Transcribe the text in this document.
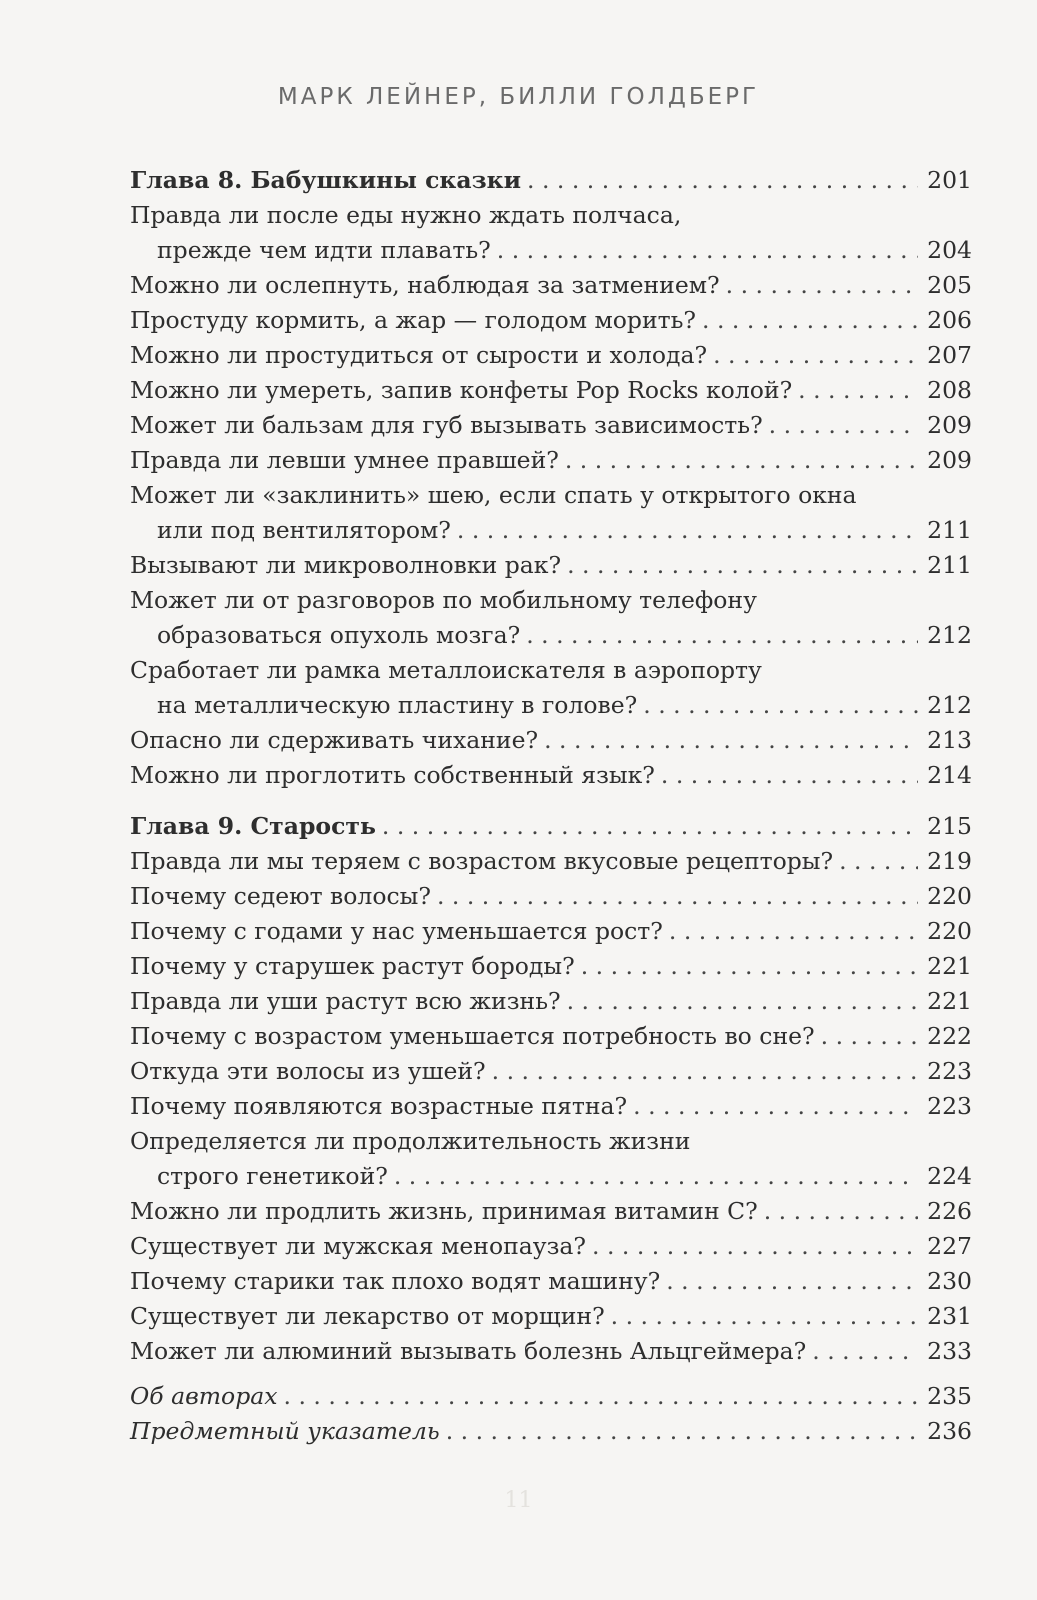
МАРК ЛЕЙНЕР, БИЛЛИ ГОЛДБЕРГ
Глава 8. Бабушкины сказки . . .	201
Правда ли после еды нужно ждать полчаса,
прежде чем идти плавать? . . .	204
Можно ли ослепнуть, наблюдая за затмением? . . .	205
Простуду кормить, а жар — голодом морить? . . .	206
Можно ли простудиться от сырости и холода? . . .	207
Можно ли умереть, запив конфеты Pop Rocks колой? . . .	208
Может ли бальзам для губ вызывать зависимость? . . .	209
Правда ли левши умнее правшей? . . .	209
Может ли «заклинить» шею, если спать у открытого окна
или под вентилятором? . . .	211
Вызывают ли микроволновки рак? . . .	211
Может ли от разговоров по мобильному телефону
образоваться опухоль мозга? . . .	212
Сработает ли рамка металлоискателя в аэропорту
на металлическую пластину в голове? . . .	212
Опасно ли сдерживать чихание? . . .	213
Можно ли проглотить собственный язык? . . .	214
Глава 9. Старость . . .	215
Правда ли мы теряем с возрастом вкусовые рецепторы? . . .	219
Почему седеют волосы? . . .	220
Почему с годами у нас уменьшается рост? . . .	220
Почему у старушек растут бороды? . . .	221
Правда ли уши растут всю жизнь? . . .	221
Почему с возрастом уменьшается потребность во сне? . . .	222
Откуда эти волосы из ушей? . . .	223
Почему появляются возрастные пятна? . . .	223
Определяется ли продолжительность жизни
строго генетикой? . . .	224
Можно ли продлить жизнь, принимая витамин С? . . .	226
Существует ли мужская менопауза? . . .	227
Почему старики так плохо водят машину? . . .	230
Существует ли лекарство от морщин? . . .	231
Может ли алюминий вызывать болезнь Альцгеймера? . . .	233
Об авторах . . .	235
Предметный указатель . . .	236
11
